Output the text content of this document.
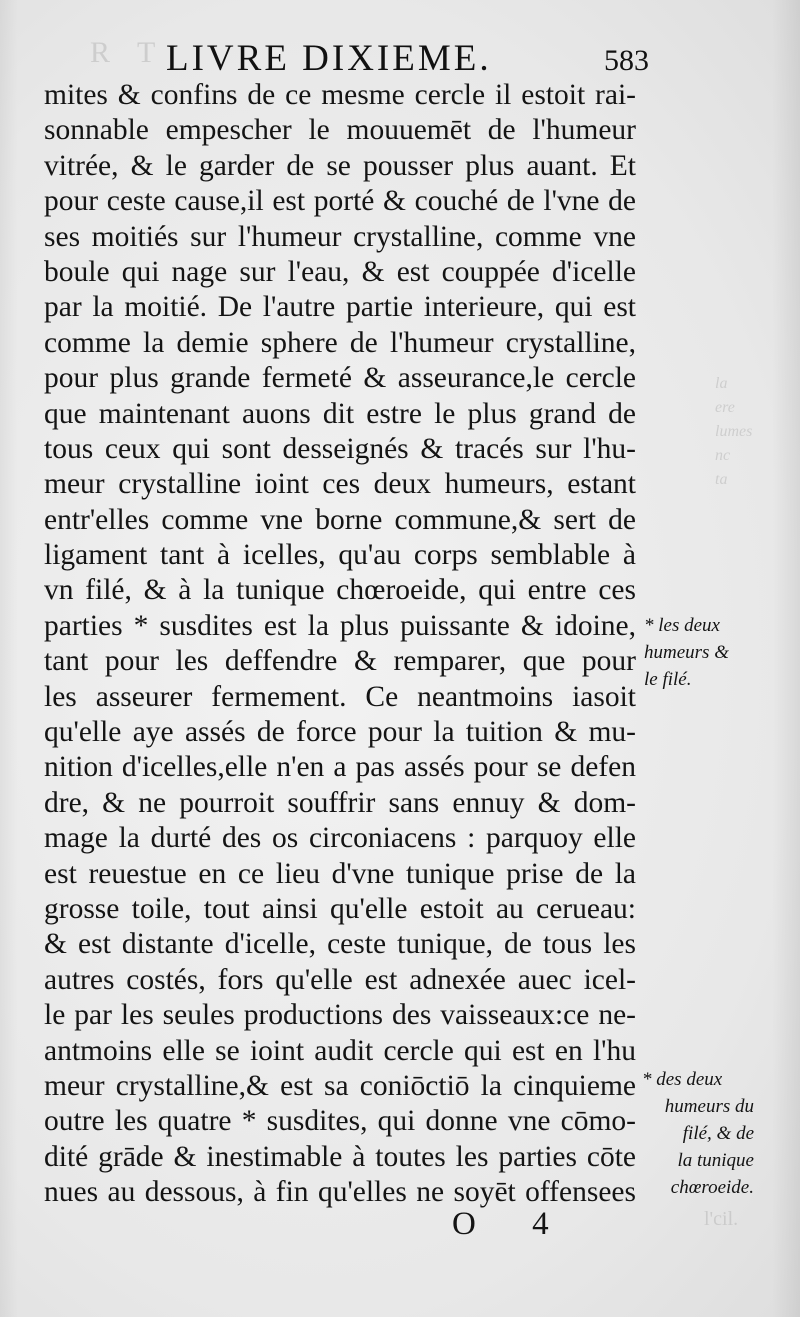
R T
la
ere
lumes
nc
ta
l'cil.
LIVRE DIXIEME.	583
mites & confins de ce mesme cercle il estoit rai-
sonnable empescher le mouuemēt de l'humeur
vitrée, & le garder de se pousser plus auant. Et
pour ceste cause,il est porté & couché de l'vne de
ses moitiés sur l'humeur crystalline, comme vne
boule qui nage sur l'eau, & est couppée d'icelle
par la moitié. De l'autre partie interieure, qui est
comme la demie sphere de l'humeur crystalline,
pour plus grande fermeté & asseurance,le cercle
que maintenant auons dit estre le plus grand de
tous ceux qui sont desseignés & tracés sur l'hu-
meur crystalline ioint ces deux humeurs, estant
entr'elles comme vne borne commune,& sert de
ligament tant à icelles, qu'au corps semblable à
vn filé, & à la tunique chœroeide, qui entre ces
parties * susdites est la plus puissante & idoine,
tant pour les deffendre & remparer, que pour
les asseurer fermement. Ce neantmoins iasoit
qu'elle aye assés de force pour la tuition & mu-
nition d'icelles,elle n'en a pas assés pour se defen
dre, & ne pourroit souffrir sans ennuy & dom-
mage la durté des os circoniacens : parquoy elle
est reuestue en ce lieu d'vne tunique prise de la
grosse toile, tout ainsi qu'elle estoit au cerueau:
& est distante d'icelle, ceste tunique, de tous les
autres costés, fors qu'elle est adnexée auec icel-
le par les seules productions des vaisseaux:ce ne-
antmoins elle se ioint audit cercle qui est en l'hu
meur crystalline,& est sa coniōctiō la cinquieme
outre les quatre * susdites, qui donne vne cōmo-
dité grāde & inestimable à toutes les parties cōte
nues au dessous, à fin qu'elles ne soyēt offensees
* les deux
humeurs &
le filé.
* des deux
humeurs du
filé, & de
la tunique
chœroeide.
O 4
